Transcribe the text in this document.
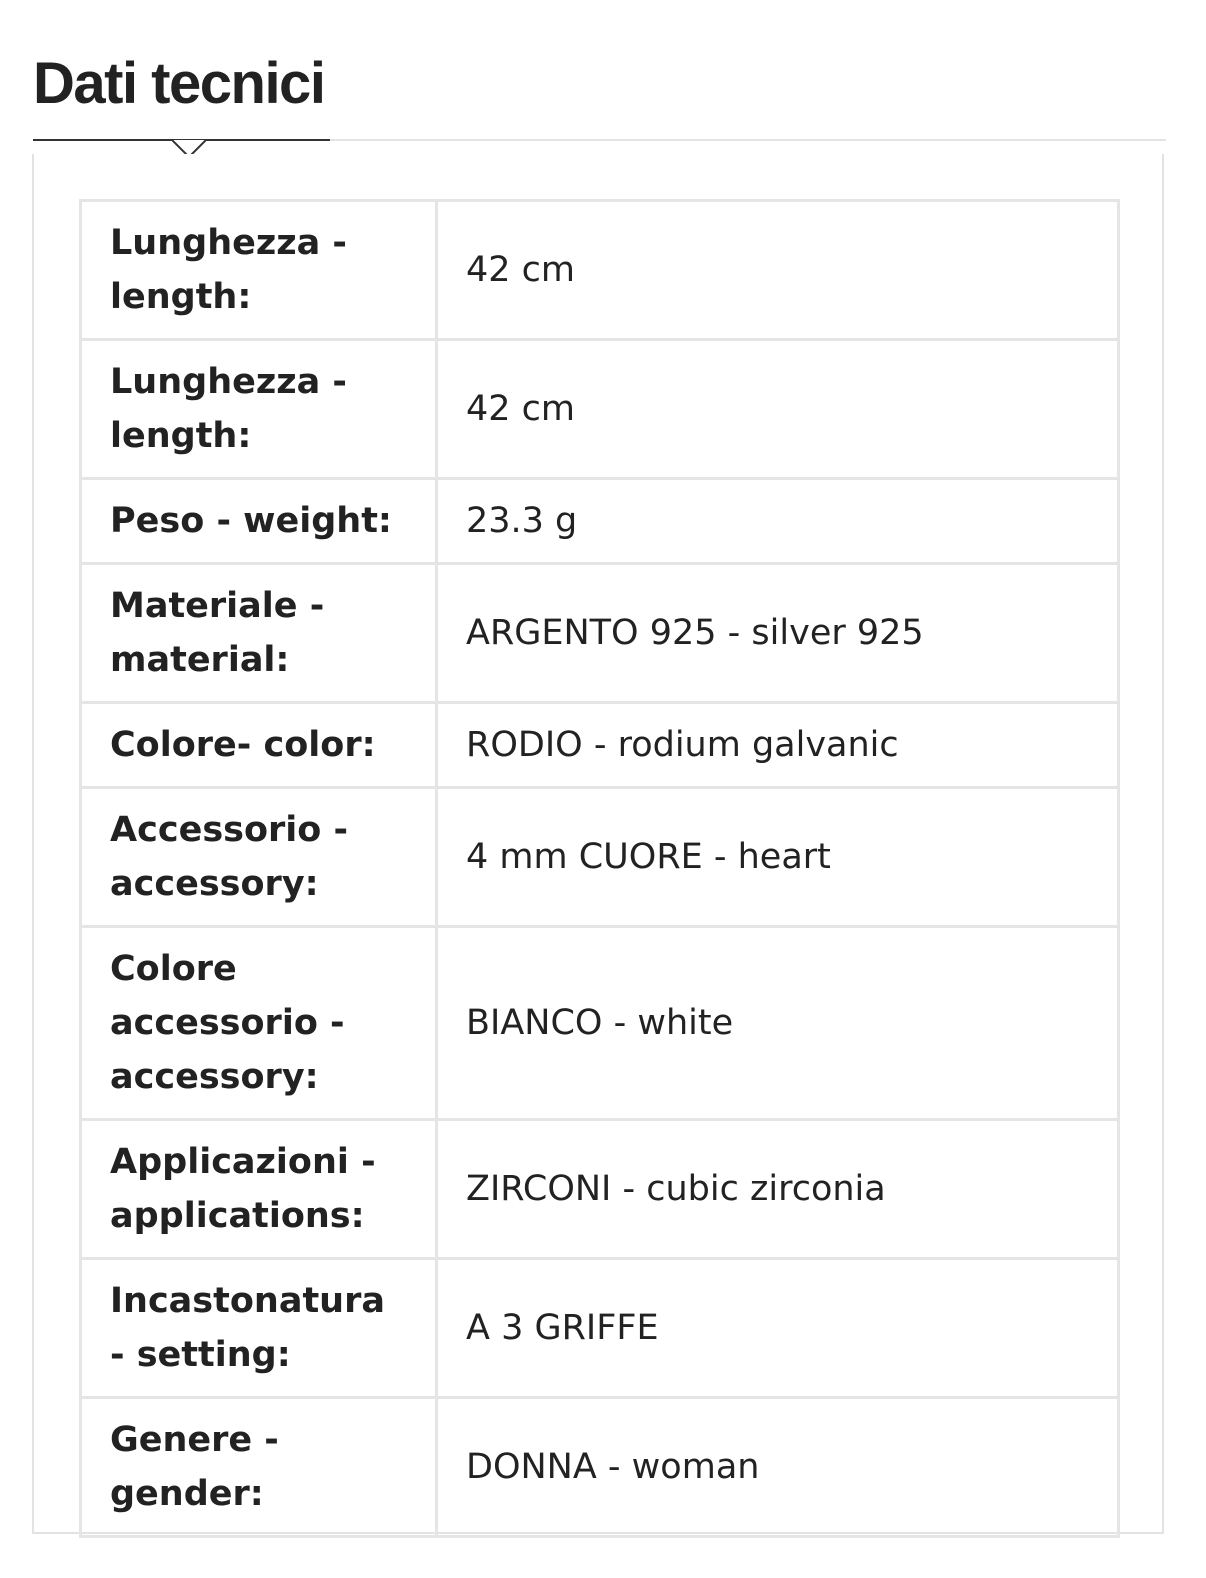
Dati tecnici
Lunghezza - length:	42 cm
Lunghezza - length:	42 cm
Peso - weight:	23.3 g
Materiale - material:	ARGENTO 925 - silver 925
Colore- color:	RODIO - rodium galvanic
Accessorio - accessory:	4 mm CUORE - heart
Colore accessorio - accessory:	BIANCO - white
Applicazioni - applications:	ZIRCONI - cubic zirconia
Incastonatura - setting:	A 3 GRIFFE
Genere - gender:	DONNA - woman
